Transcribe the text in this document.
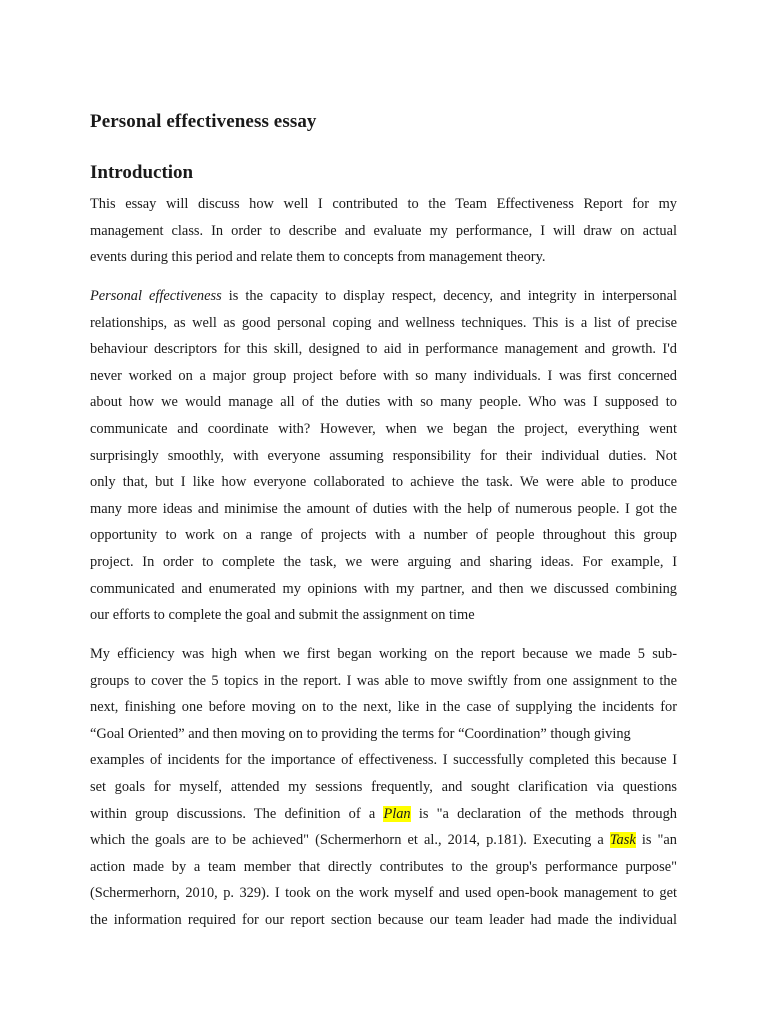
Personal effectiveness essay
Introduction
This essay will discuss how well I contributed to the Team Effectiveness Report for my
management class. In order to describe and evaluate my performance, I will draw on actual
events during this period and relate them to concepts from management theory.
Personal effectiveness is the capacity to display respect, decency, and integrity in interpersonal
relationships, as well as good personal coping and wellness techniques. This is a list of precise
behaviour descriptors for this skill, designed to aid in performance management and growth. I'd
never worked on a major group project before with so many individuals. I was first concerned
about how we would manage all of the duties with so many people. Who was I supposed to
communicate and coordinate with? However, when we began the project, everything went
surprisingly smoothly, with everyone assuming responsibility for their individual duties. Not
only that, but I like how everyone collaborated to achieve the task. We were able to produce
many more ideas and minimise the amount of duties with the help of numerous people. I got the
opportunity to work on a range of projects with a number of people throughout this group
project. In order to complete the task, we were arguing and sharing ideas. For example, I
communicated and enumerated my opinions with my partner, and then we discussed combining
our efforts to complete the goal and submit the assignment on time
My efficiency was high when we first began working on the report because we made 5 sub-
groups to cover the 5 topics in the report. I was able to move swiftly from one assignment to the
next, finishing one before moving on to the next, like in the case of supplying the incidents for
“Goal Oriented” and then moving on to providing the terms for “Coordination” though giving
examples of incidents for the importance of effectiveness. I successfully completed this because I
set goals for myself, attended my sessions frequently, and sought clarification via questions
within group discussions. The definition of a Plan is "a declaration of the methods through
which the goals are to be achieved" (Schermerhorn et al., 2014, p.181). Executing a Task is "an
action made by a team member that directly contributes to the group's performance purpose"
(Schermerhorn, 2010, p. 329). I took on the work myself and used open-book management to get
the information required for our report section because our team leader had made the individual
